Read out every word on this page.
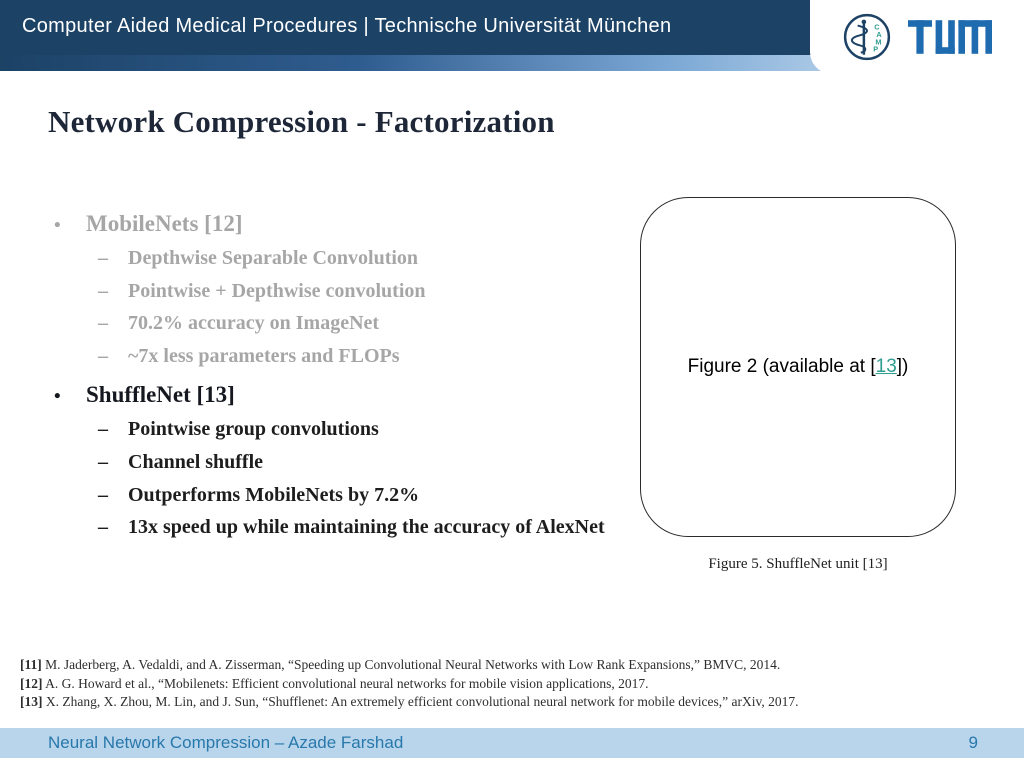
Computer Aided Medical Procedures | Technische Universität München	C
A
M
P
Network Compression - Factorization
•	MobileNets [12]
–	Depthwise Separable Convolution
–	Pointwise + Depthwise convolution
–	70.2% accuracy on ImageNet
–	~7x less parameters and FLOPs
•	ShuffleNet [13]
–	Pointwise group convolutions
–	Channel shuffle
–	Outperforms MobileNets by 7.2%
–	13x speed up while maintaining the accuracy of AlexNet
Figure 2 (available at [13])
Figure 5. ShuffleNet unit [13]
[11] M. Jaderberg, A. Vedaldi, and A. Zisserman, “Speeding up Convolutional Neural Networks with Low Rank Expansions,” BMVC, 2014.
[12] A. G. Howard et al., “Mobilenets: Efficient convolutional neural networks for mobile vision applications, 2017.
[13] X. Zhang, X. Zhou, M. Lin, and J. Sun, “Shufflenet: An extremely efficient convolutional neural network for mobile devices,” arXiv, 2017.
Neural Network Compression – Azade Farshad	9
